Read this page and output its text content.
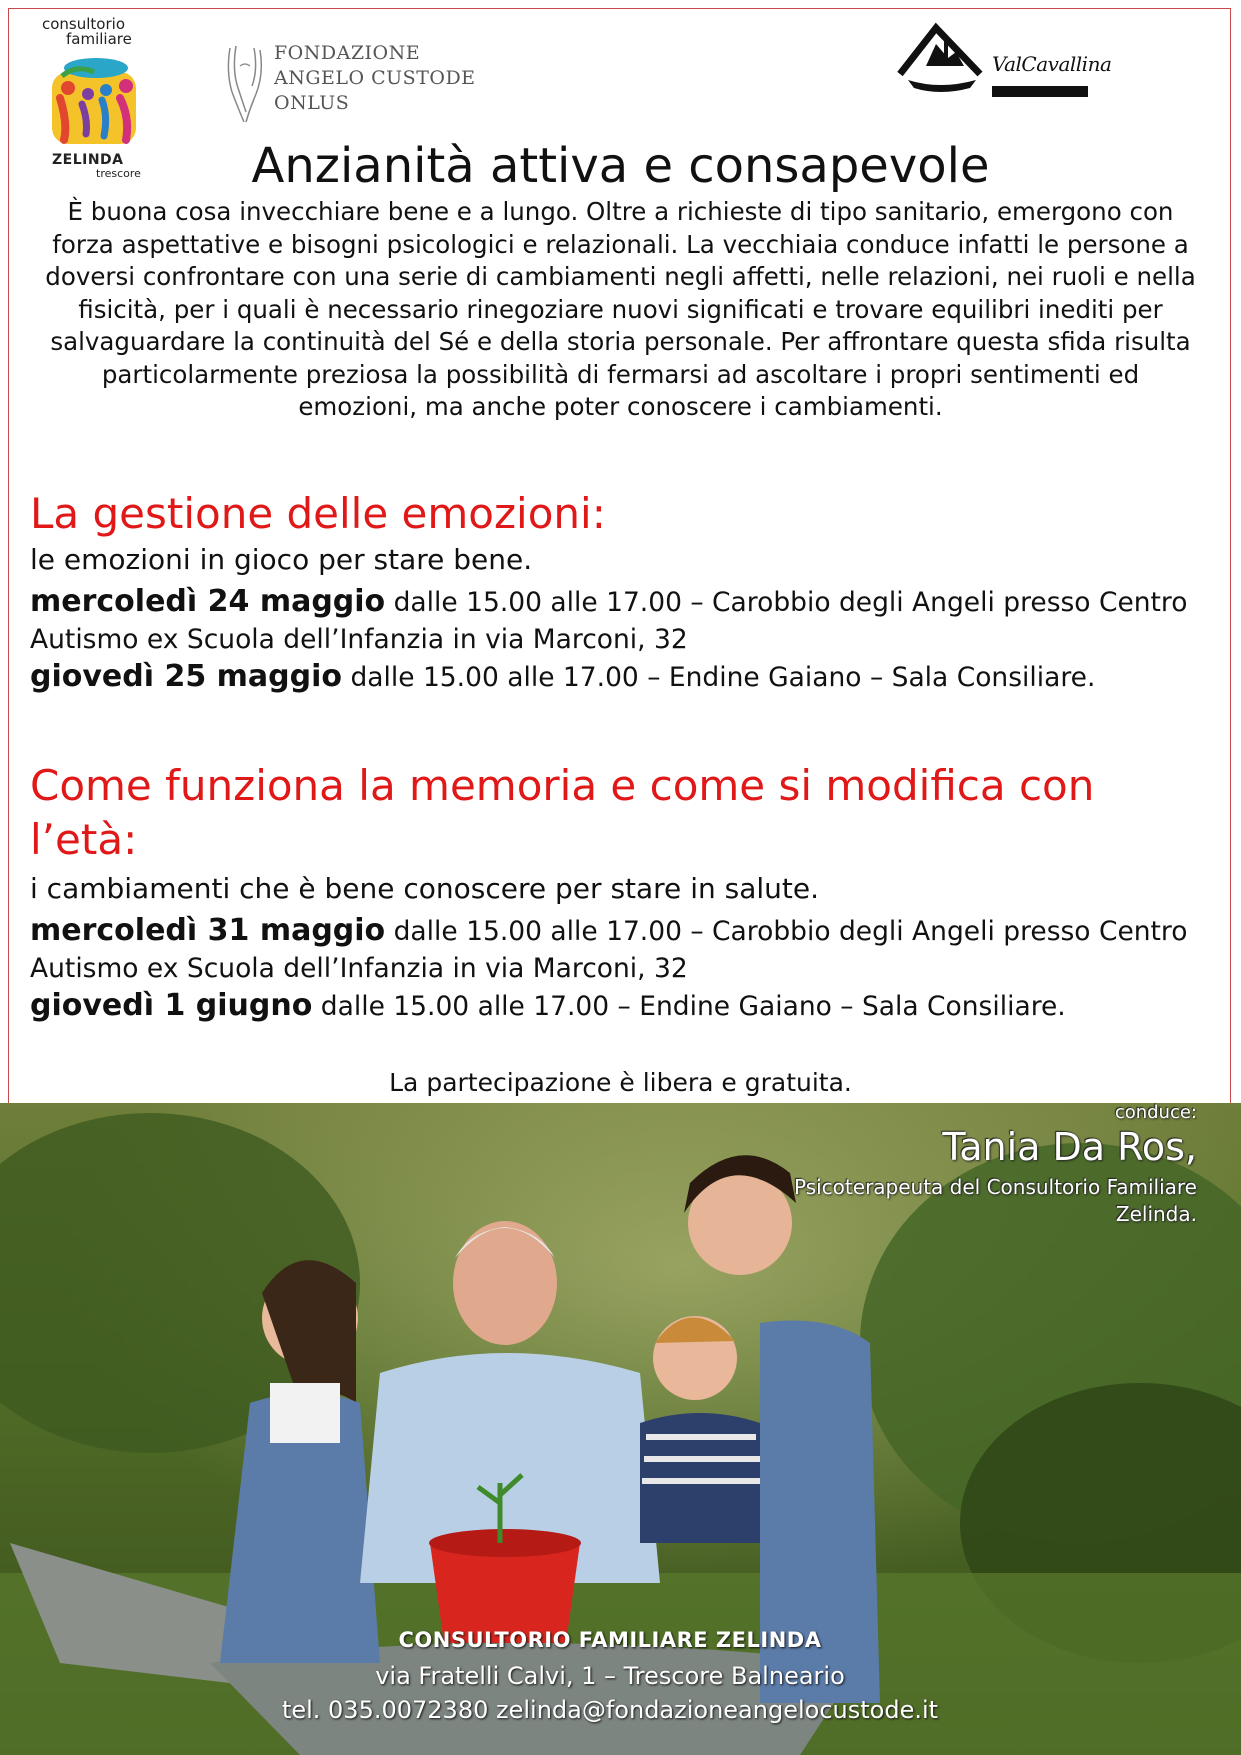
consultorio
familiare
ZELINDA
trescore
FONDAZIONE
ANGELO CUSTODE
ONLUS
ValCavallina
Anzianità attiva e consapevole

È buona cosa invecchiare bene e a lungo. Oltre a richieste di tipo sanitario, emergono con forza aspettative e bisogni psicologici e relazionali. La vecchiaia conduce infatti le persone a doversi confrontare con una serie di cambiamenti negli affetti, nelle relazioni, nei ruoli e nella fisicità, per i quali è necessario rinegoziare nuovi significati e trovare equilibri inediti per salvaguardare la continuità del Sé e della storia personale. Per affrontare questa sfida risulta particolarmente preziosa la possibilità di fermarsi ad ascoltare i propri sentimenti ed emozioni, ma anche poter conoscere i cambiamenti.

La gestione delle emozioni:
le emozioni in gioco per stare bene.
mercoledì 24 maggio dalle 15.00 alle 17.00 – Carobbio degli Angeli presso Centro Autismo ex Scuola dell’Infanzia in via Marconi, 32
giovedì 25 maggio dalle 15.00 alle 17.00 – Endine Gaiano – Sala Consiliare.
Come funziona la memoria e come si modifica con l’età:
i cambiamenti che è bene conoscere per stare in salute.
mercoledì 31 maggio dalle 15.00 alle 17.00 – Carobbio degli Angeli presso Centro Autismo ex Scuola dell’Infanzia in via Marconi, 32
giovedì 1 giugno dalle 15.00 alle 17.00 – Endine Gaiano – Sala Consiliare.
La partecipazione è libera e gratuita.
conduce:
Tania Da Ros,
Psicoterapeuta del Consultorio Familiare Zelinda.
CONSULTORIO FAMILIARE ZELINDA
via Fratelli Calvi, 1 – Trescore Balneario
tel. 035.0072380 zelinda@fondazioneangelocustode.it
